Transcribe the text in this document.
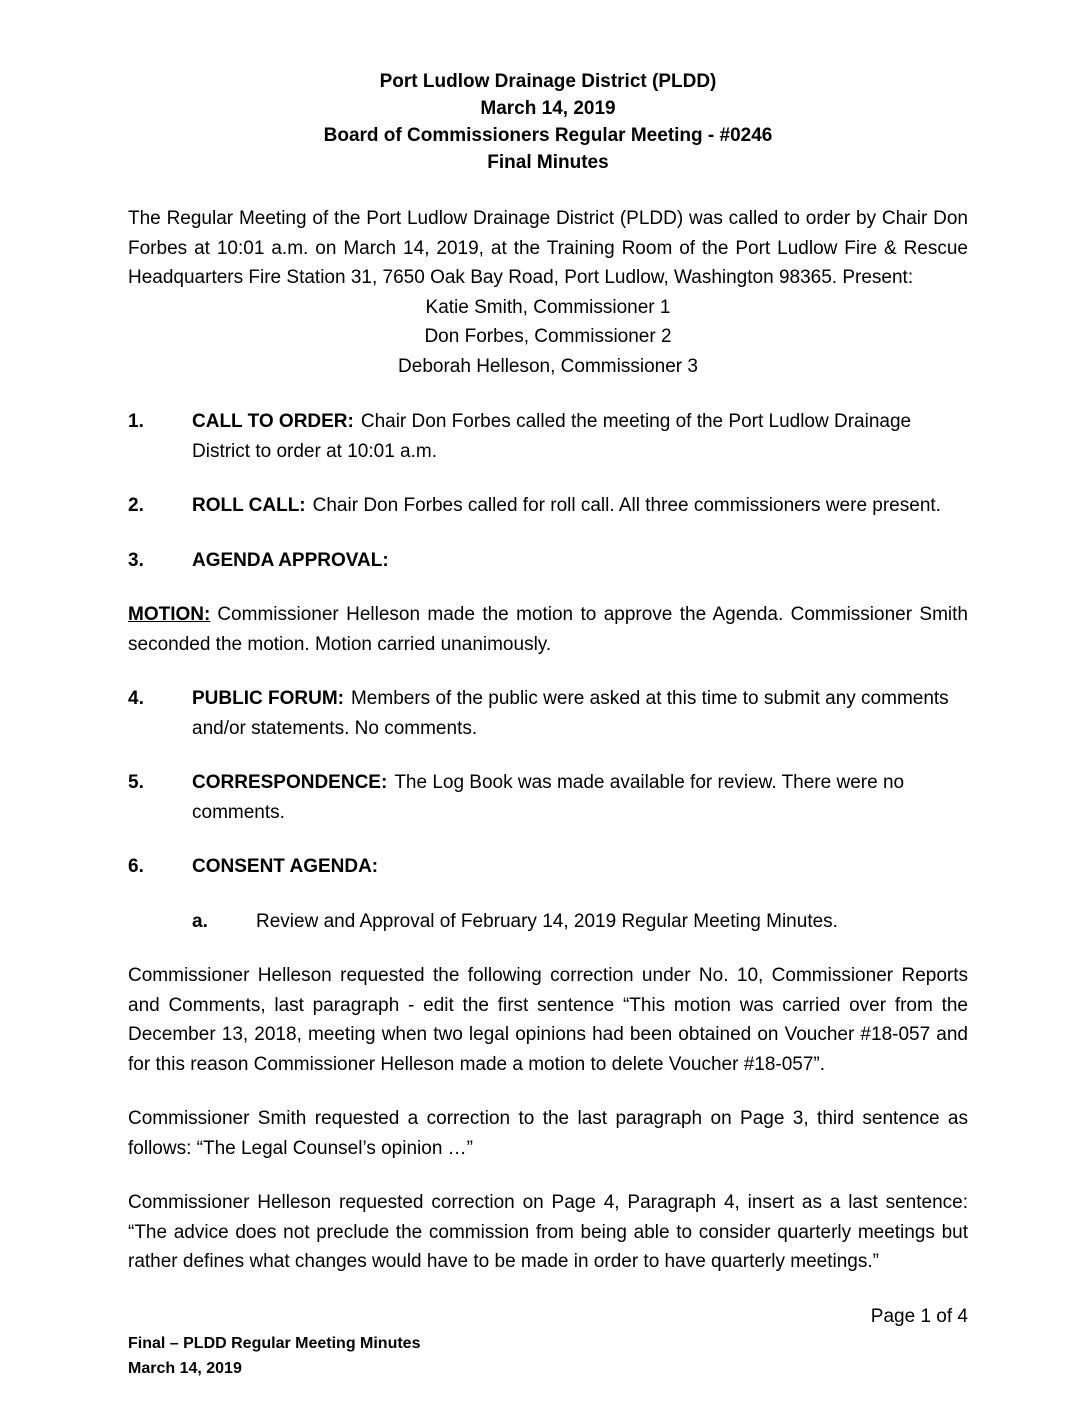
Port Ludlow Drainage District (PLDD)
March 14, 2019
Board of Commissioners Regular Meeting - #0246
Final Minutes

The Regular Meeting of the Port Ludlow Drainage District (PLDD) was called to order by Chair Don Forbes at 10:01 a.m. on March 14, 2019, at the Training Room of the Port Ludlow Fire & Rescue Headquarters Fire Station 31, 7650 Oak Bay Road, Port Ludlow, Washington 98365. Present:

Katie Smith, Commissioner 1
Don Forbes, Commissioner 2
Deborah Helleson, Commissioner 3
1.	CALL TO ORDER: Chair Don Forbes called the meeting of the Port Ludlow Drainage District to order at 10:01 a.m.
2.	ROLL CALL: Chair Don Forbes called for roll call. All three commissioners were present.
3.	AGENDA APPROVAL:

MOTION: Commissioner Helleson made the motion to approve the Agenda. Commissioner Smith seconded the motion. Motion carried unanimously.

4.	PUBLIC FORUM: Members of the public were asked at this time to submit any comments and/or statements. No comments.
5.	CORRESPONDENCE: The Log Book was made available for review. There were no comments.
6.	CONSENT AGENDA:
a.	Review and Approval of February 14, 2019 Regular Meeting Minutes.

Commissioner Helleson requested the following correction under No. 10, Commissioner Reports and Comments, last paragraph - edit the first sentence “This motion was carried over from the December 13, 2018, meeting when two legal opinions had been obtained on Voucher #18-057 and for this reason Commissioner Helleson made a motion to delete Voucher #18-057”.

Commissioner Smith requested a correction to the last paragraph on Page 3, third sentence as follows: “The Legal Counsel’s opinion …”

Commissioner Helleson requested correction on Page 4, Paragraph 4, insert as a last sentence: “The advice does not preclude the commission from being able to consider quarterly meetings but rather defines what changes would have to be made in order to have quarterly meetings.”

Page 1 of 4
Final – PLDD Regular Meeting Minutes
March 14, 2019
